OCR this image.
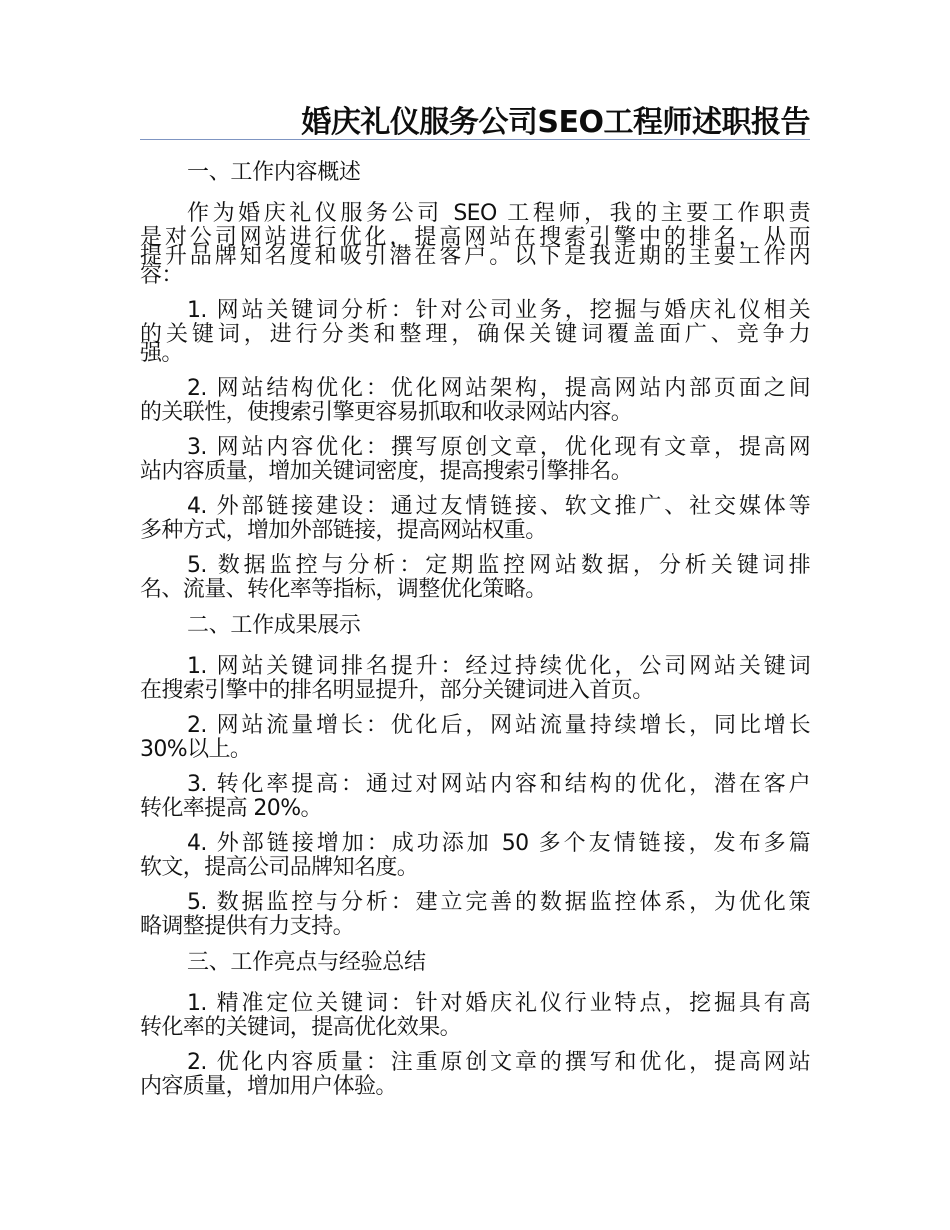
婚庆礼仪服务公司SEO工程师述职报告
一、工作内容概述
作为婚庆礼仪服务公司 SEO 工程师，我的主要工作职责
是对公司网站进行优化，提高网站在搜索引擎中的排名，从而
提升品牌知名度和吸引潜在客户。以下是我近期的主要工作内
容：
1. 网站关键词分析：针对公司业务，挖掘与婚庆礼仪相关
的关键词，进行分类和整理，确保关键词覆盖面广、竞争力
强。
2. 网站结构优化：优化网站架构，提高网站内部页面之间
的关联性，使搜索引擎更容易抓取和收录网站内容。
3. 网站内容优化：撰写原创文章，优化现有文章，提高网
站内容质量，增加关键词密度，提高搜索引擎排名。
4. 外部链接建设：通过友情链接、软文推广、社交媒体等
多种方式，增加外部链接，提高网站权重。
5. 数据监控与分析：定期监控网站数据，分析关键词排
名、流量、转化率等指标，调整优化策略。
二、工作成果展示
1. 网站关键词排名提升：经过持续优化，公司网站关键词
在搜索引擎中的排名明显提升，部分关键词进入首页。
2. 网站流量增长：优化后，网站流量持续增长，同比增长
30%以上。
3. 转化率提高：通过对网站内容和结构的优化，潜在客户
转化率提高 20%。
4. 外部链接增加：成功添加 50 多个友情链接，发布多篇
软文，提高公司品牌知名度。
5. 数据监控与分析：建立完善的数据监控体系，为优化策
略调整提供有力支持。
三、工作亮点与经验总结
1. 精准定位关键词：针对婚庆礼仪行业特点，挖掘具有高
转化率的关键词，提高优化效果。
2. 优化内容质量：注重原创文章的撰写和优化，提高网站
内容质量，增加用户体验。
